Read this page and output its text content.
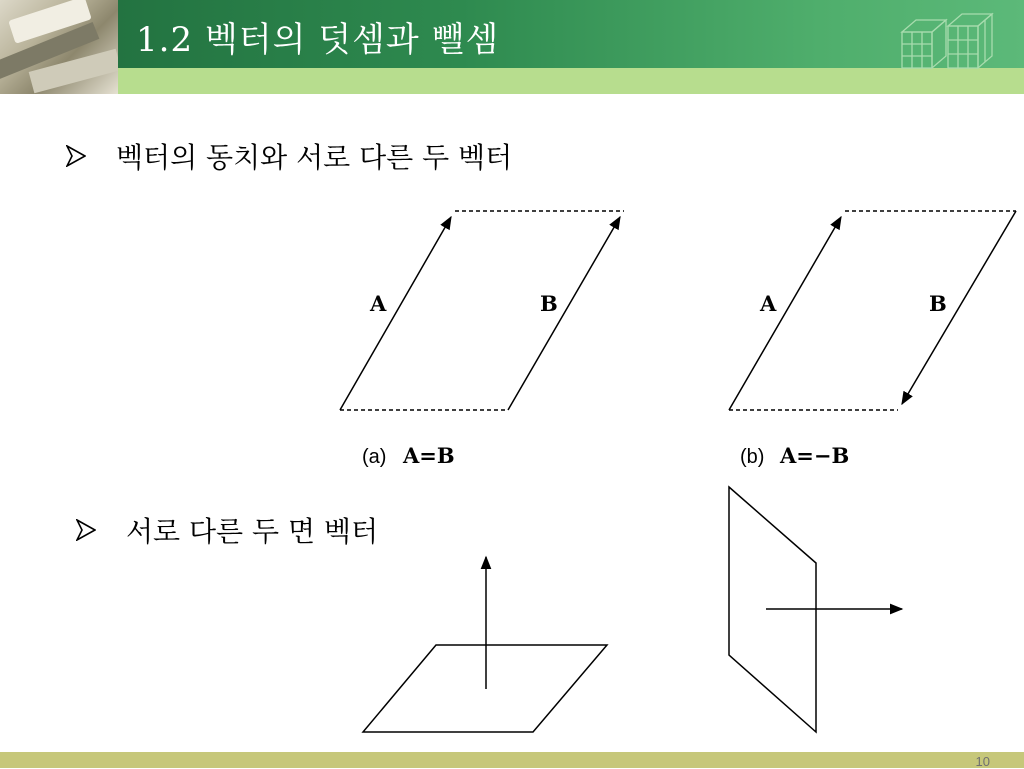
1.2 벡터의 덧셈과 뺄셈
벡터의 동치와 서로 다른 두 벡터
서로 다른 두 면 벡터
A	B
(a) A=B
A	B
(b) A=−B
10
